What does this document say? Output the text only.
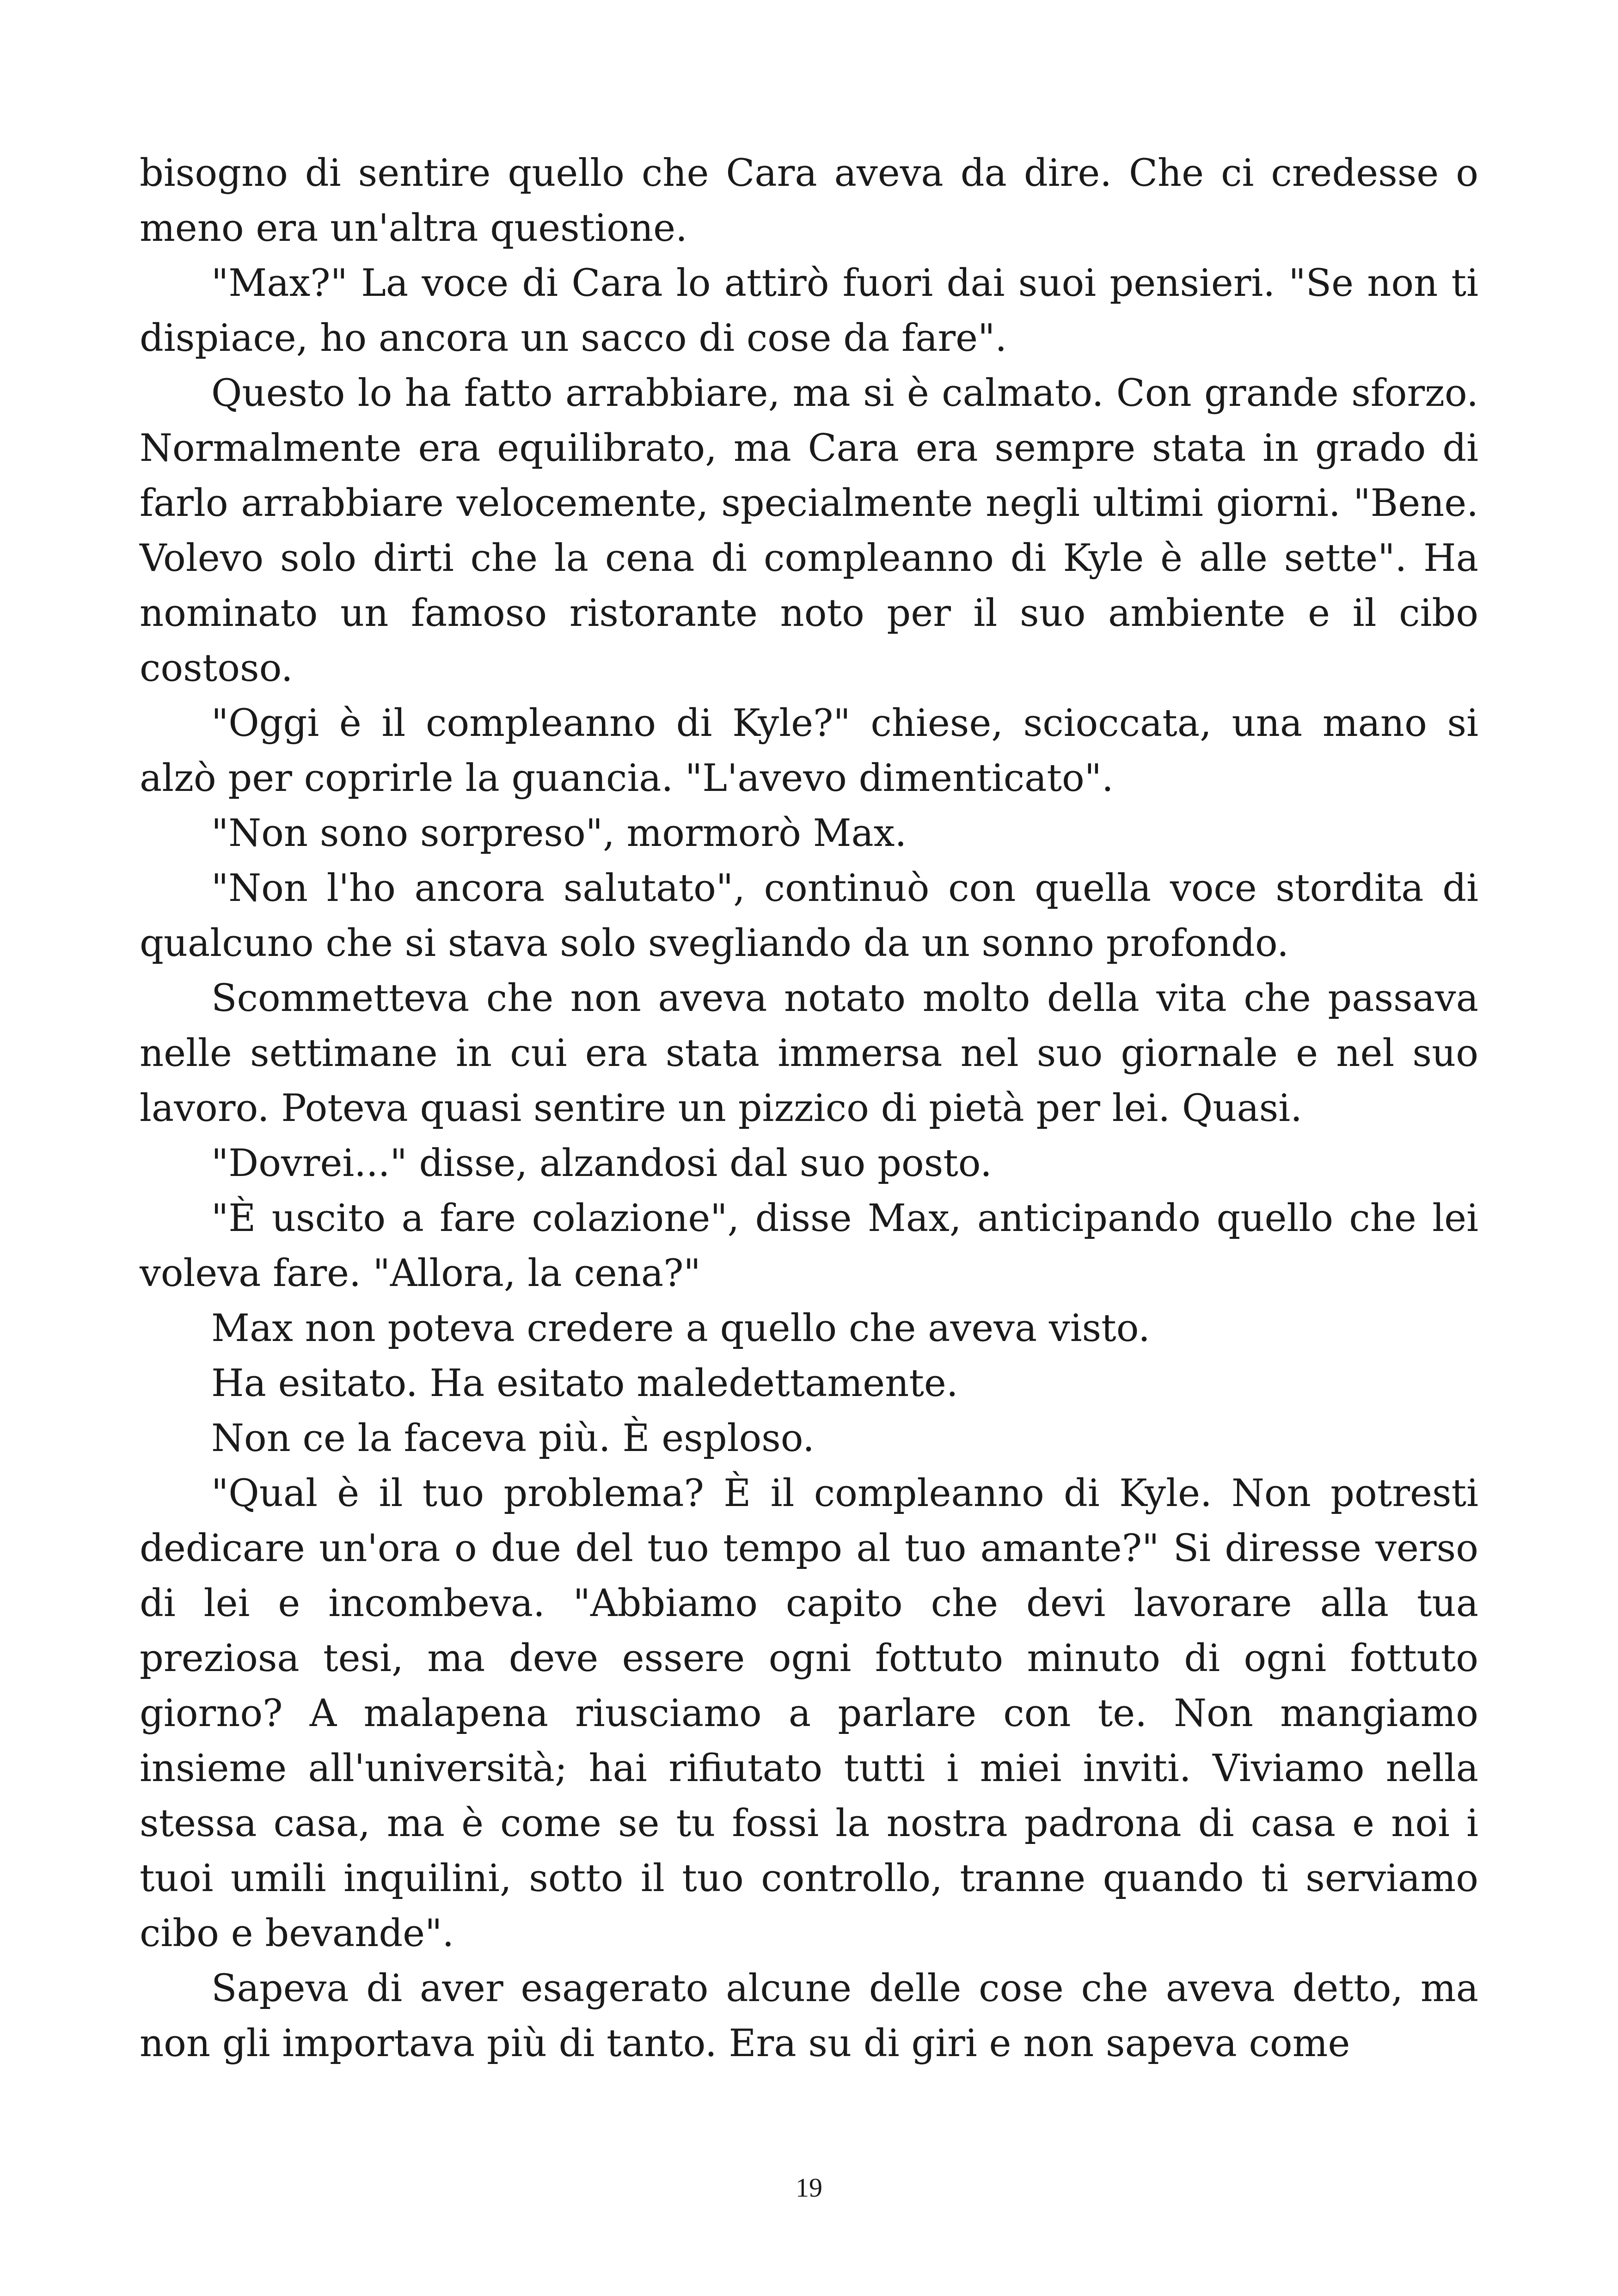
bisogno di sentire quello che Cara aveva da dire. Che ci credesse o meno era un'altra questione.

"Max?" La voce di Cara lo attirò fuori dai suoi pensieri. "Se non ti dispiace, ho ancora un sacco di cose da fare".

Questo lo ha fatto arrabbiare, ma si è calmato. Con grande sforzo. Normalmente era equilibrato, ma Cara era sempre stata in grado di farlo arrabbiare velocemente, specialmente negli ultimi giorni. "Bene. Volevo solo dirti che la cena di compleanno di Kyle è alle sette". Ha nominato un famoso ristorante noto per il suo ambiente e il cibo costoso.

"Oggi è il compleanno di Kyle?" chiese, scioccata, una mano si alzò per coprirle la guancia. "L'avevo dimenticato".

"Non sono sorpreso", mormorò Max.

"Non l'ho ancora salutato", continuò con quella voce stordita di qualcuno che si stava solo svegliando da un sonno profondo.

Scommetteva che non aveva notato molto della vita che passava nelle settimane in cui era stata immersa nel suo giornale e nel suo lavoro. Poteva quasi sentire un pizzico di pietà per lei. Quasi.

"Dovrei..." disse, alzandosi dal suo posto.

"È uscito a fare colazione", disse Max, anticipando quello che lei voleva fare. "Allora, la cena?"

Max non poteva credere a quello che aveva visto.

Ha esitato. Ha esitato maledettamente.

Non ce la faceva più. È esploso.

"Qual è il tuo problema? È il compleanno di Kyle. Non potresti dedicare un'ora o due del tuo tempo al tuo amante?" Si diresse verso di lei e incombeva. "Abbiamo capito che devi lavorare alla tua preziosa tesi, ma deve essere ogni fottuto minuto di ogni fottuto giorno? A malapena riusciamo a parlare con te. Non mangiamo insieme all'università; hai rifiutato tutti i miei inviti. Viviamo nella stessa casa, ma è come se tu fossi la nostra padrona di casa e noi i tuoi umili inquilini, sotto il tuo controllo, tranne quando ti serviamo cibo e bevande".

Sapeva di aver esagerato alcune delle cose che aveva detto, ma non gli importava più di tanto. Era su di giri e non sapeva come

19
